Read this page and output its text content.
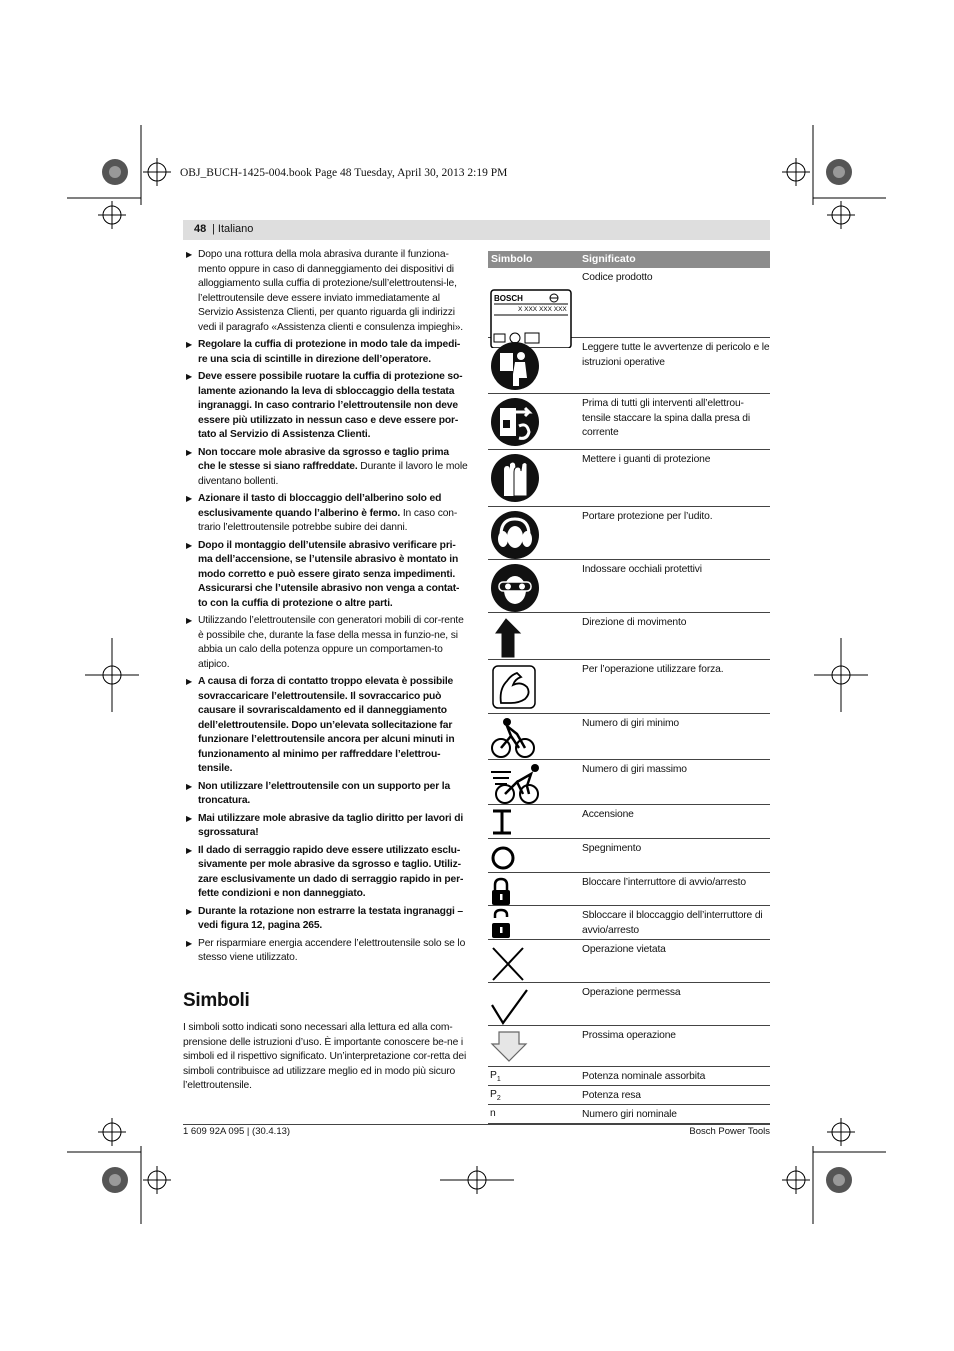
OBJ_BUCH-1425-004.book Page 48 Tuesday, April 30, 2013 2:19 PM
48 | Italiano
▶ Dopo una rottura della mola abrasiva durante il funziona-mento oppure in caso di danneggiamento dei dispositivi di alloggiamento sulla cuffia di protezione/sull’elettroutensi-le, l’elettroutensile deve essere inviato immediatamente al Servizio Assistenza Clienti, per quanto riguarda gli indirizzi vedi il paragrafo «Assistenza clienti e consulenza impieghi».
▶ Regolare la cuffia di protezione in modo tale da impedi-re una scia di scintille in direzione dell’operatore.
▶ Deve essere possibile ruotare la cuffia di protezione so-lamente azionando la leva di sbloccaggio della testata ingranaggi. In caso contrario l’elettroutensile non deve essere più utilizzato in nessun caso e deve essere por-tato al Servizio di Assistenza Clienti.
▶ Non toccare mole abrasive da sgrosso e taglio prima che le stesse si siano raffreddate. Durante il lavoro le mole diventano bollenti.
▶ Azionare il tasto di bloccaggio dell’alberino solo ed esclusivamente quando l’alberino è fermo. In caso con-trario l’elettroutensile potrebbe subire dei danni.
▶ Dopo il montaggio dell’utensile abrasivo verificare pri-ma dell’accensione, se l’utensile abrasivo è montato in modo corretto e può essere girato senza impedimenti. Assicurarsi che l’utensile abrasivo non venga a contat-to con la cuffia di protezione o altre parti.
▶ Utilizzando l’elettroutensile con generatori mobili di cor-rente è possibile che, durante la fase della messa in funzio-ne, si abbia un calo della potenza oppure un comportamen-to atipico.
▶ A causa di forza di contatto troppo elevata è possibile sovraccaricare l’elettroutensile. Il sovraccarico può causare il sovrariscaldamento ed il danneggiamento dell’elettroutensile. Dopo un’elevata sollecitazione far funzionare l’elettroutensile ancora per alcuni minuti in funzionamento al minimo per raffreddare l’elettrou-tensile.
▶ Non utilizzare l’elettroutensile con un supporto per la troncatura.
▶ Mai utilizzare mole abrasive da taglio diritto per lavori di sgrossatura!
▶ Il dado di serraggio rapido deve essere utilizzato esclu-sivamente per mole abrasive da sgrosso e taglio. Utiliz-zare esclusivamente un dado di serraggio rapido in per-fette condizioni e non danneggiato.
▶ Durante la rotazione non estrarre la testata ingranaggi – vedi figura 12, pagina 265.
▶ Per risparmiare energia accendere l’elettroutensile solo se lo stesso viene utilizzato.
Simboli

I simboli sotto indicati sono necessari alla lettura ed alla com-prensione delle istruzioni d’uso. È importante conoscere be-ne i simboli ed il rispettivo significato. Un’interpretazione cor-retta dei simboli contribuisce ad utilizzare meglio ed in modo più sicuro l’elettroutensile.

Simbolo	Significato
BOSCH
X XXX XXX XXX
Codice prodotto
Leggere tutte le avvertenze di pericolo e le istruzioni operative
Prima di tutti gli interventi all’elettrou-tensile staccare la spina dalla presa di corrente
Mettere i guanti di protezione
Portare protezione per l’udito.
Indossare occhiali protettivi
Direzione di movimento
Per l’operazione utilizzare forza.
Numero di giri minimo
Numero di giri massimo
Accensione
Spegnimento
Bloccare l’interruttore di avvio/arresto
Sbloccare il bloccaggio dell’interruttore di avvio/arresto
Operazione vietata
Operazione permessa
Prossima operazione
$P_1$	Potenza nominale assorbita
$P_2$	Potenza resa
n	Numero giri nominale
1 609 92A 095 | (30.4.13)	Bosch Power Tools
